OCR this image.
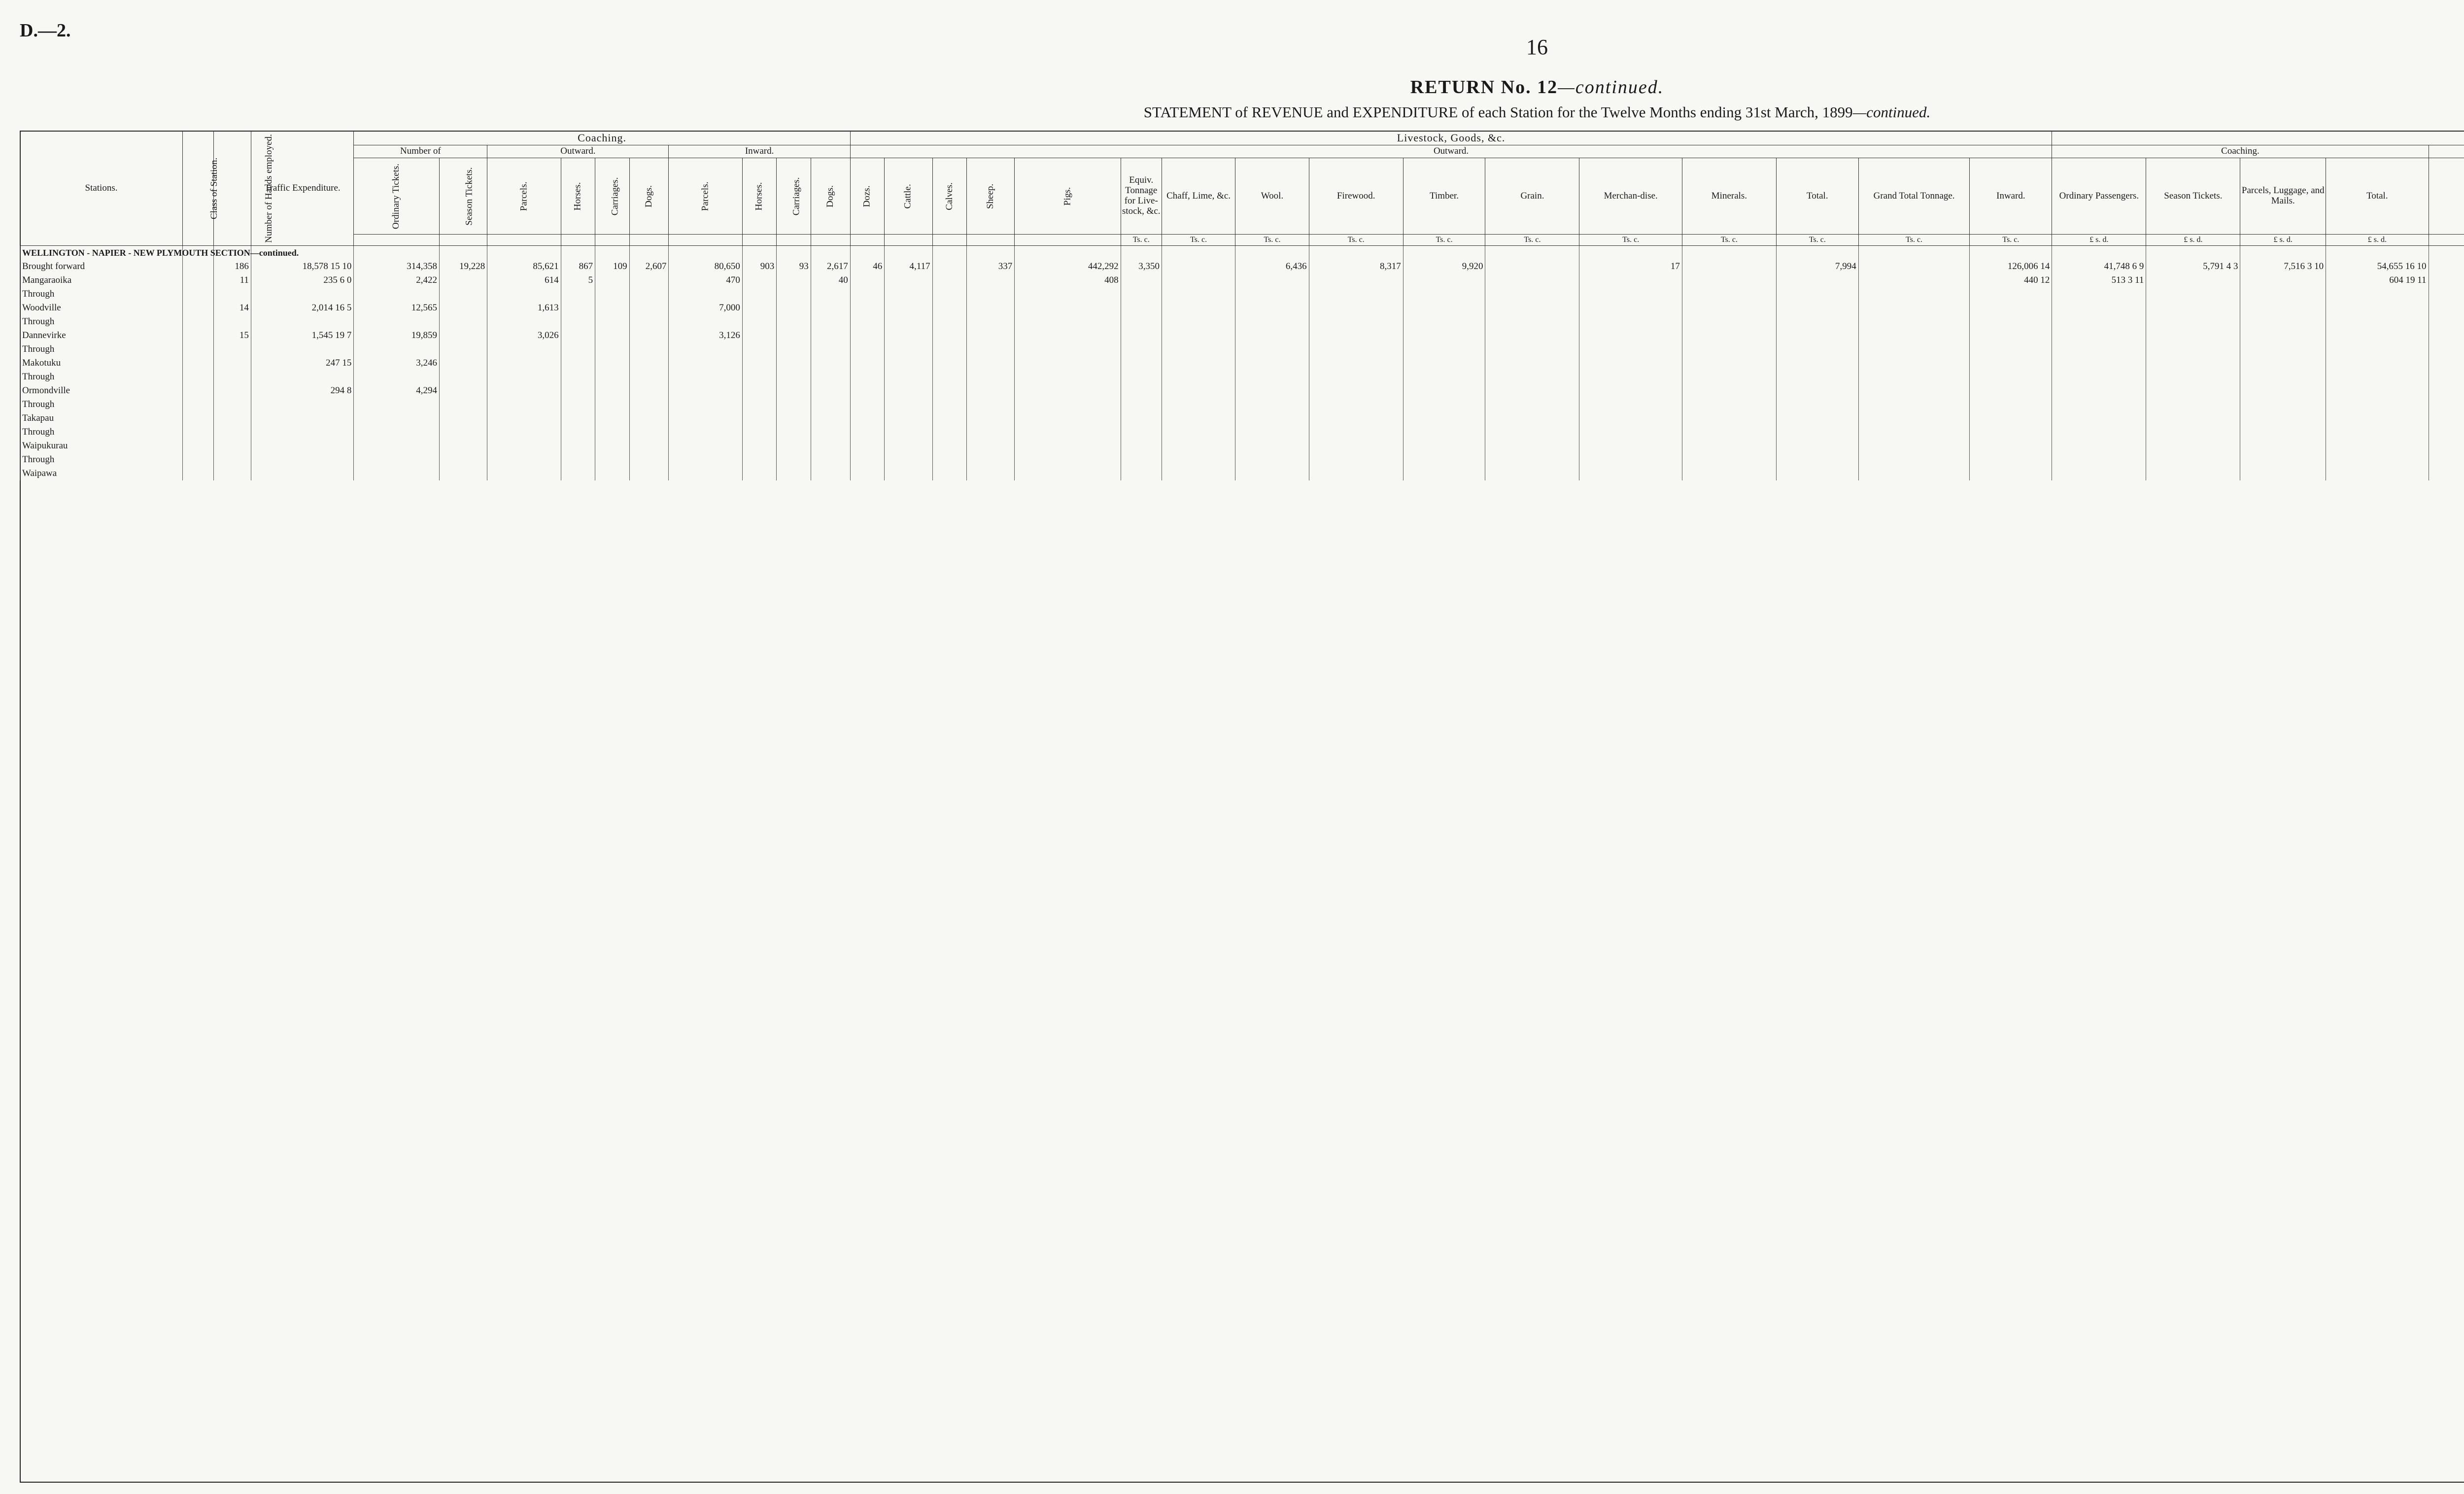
D.—2.
16
RETURN No. 12—continued.
STATEMENT of REVENUE and EXPENDITURE of each Station for the Twelve Months ending 31st March, 1899—continued.
Stations.	Class of Station.	Number of Hands employed.	Traffic Expenditure.	Coaching.										Livestock, Goods, &c.		
				Number of		Outward.				Inward.				Outward.																Coaching.		
				Ordinary Tickets.	Season Tickets.	Parcels.	Horses.	Carriages.	Dogs.	Parcels.	Horses.	Carriages.	Dogs.	Dozs.	Cattle.	Calves.	Sheep.	Pigs.	Equiv. Tonnage for Live-stock, &c.	Chaff, Lime, &c.	Wool.	Firewood.	Timber.	Grain.	Merchan-dise.	Minerals.	Total.	Grand Total Tonnage.	Inward.	Ordinary Passengers.	Season Tickets.	Parcels, Luggage, and Mails.	Total.				
																			Ts. c.	Ts. c.	Ts. c.	Ts. c.	Ts. c.	Ts. c.	Ts. c.	Ts. c.	Ts. c.	Ts. c.	Ts. c.	£ s. d.	£ s. d.	£ s. d.	£ s. d.					
WELLINGTON - NAPIER - NEW PLYMOUTH SECTION—continued.																																							
Brought forward		186	18,578 15 10	314,358	19,228	85,621	867	109	2,607	80,650	903	93	2,617	46	4,117		337	442,292	3,350		6,436	8,317	9,920		17		7,994		126,006 14	41,748 6 9	5,791 4 3	7,516 3 10	54,655 16 10						
Mangaraoika		11	235 6 0	2,422		614	5			470			40					408											440 12	513 3 11			604 19 11						
Through																																							
Woodville		14	2,014 16 5	12,565		1,613				7,000																													
Through																																							
Dannevirke		15	1,545 19 7	19,859		3,026				3,126																													
Through																																							
Makotuku			247 15	3,246																																			
Through																																							
Ormondville			294 8	4,294																																			
Through																																							
Takapau																																							
Through																																							
Waipukurau																																							
Through																																							
Waipawa																																							
